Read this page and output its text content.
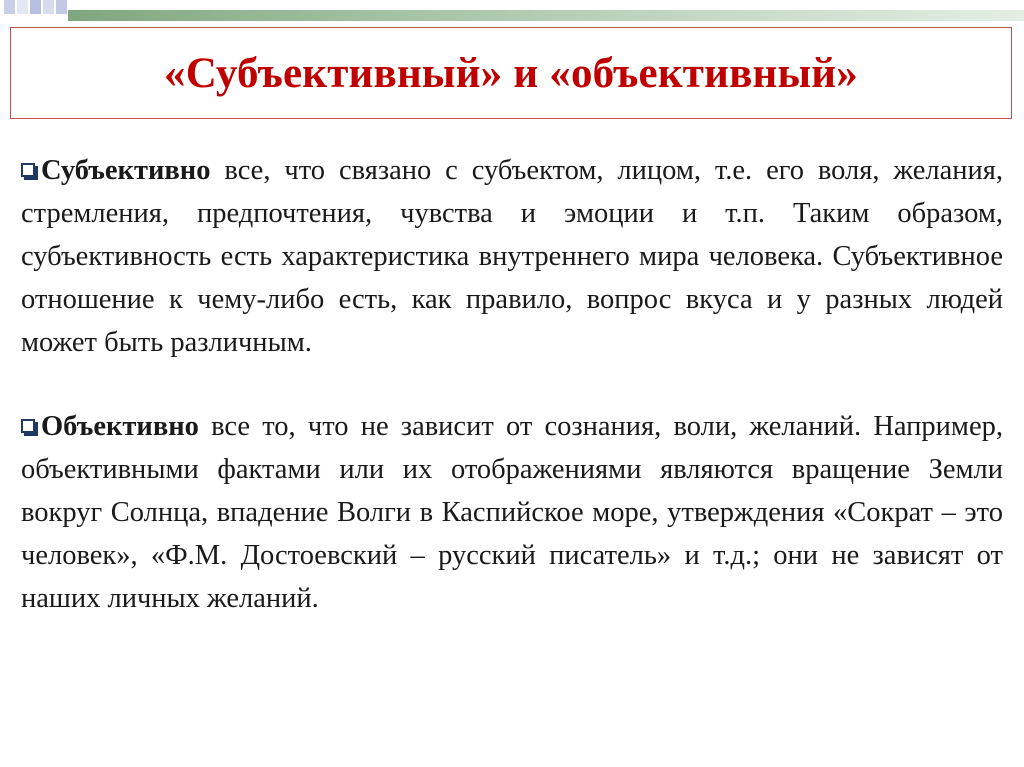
«Субъективный» и «объективный»

Субъективно все, что связано с субъектом, лицом, т.е. его воля, желания, стремления, предпочтения, чувства и эмоции и т.п. Таким образом, субъективность есть характеристика внутреннего мира человека. Субъективное отношение к чему-либо есть, как правило, вопрос вкуса и у разных людей может быть различным.

Объективно все то, что не зависит от сознания, воли, желаний. Например, объективными фактами или их отображениями являются вращение Земли вокруг Солнца, впадение Волги в Каспийское море, утверждения «Сократ – это человек», «Ф.М. Достоевский – русский писатель» и т.д.; они не зависят от наших личных желаний.
